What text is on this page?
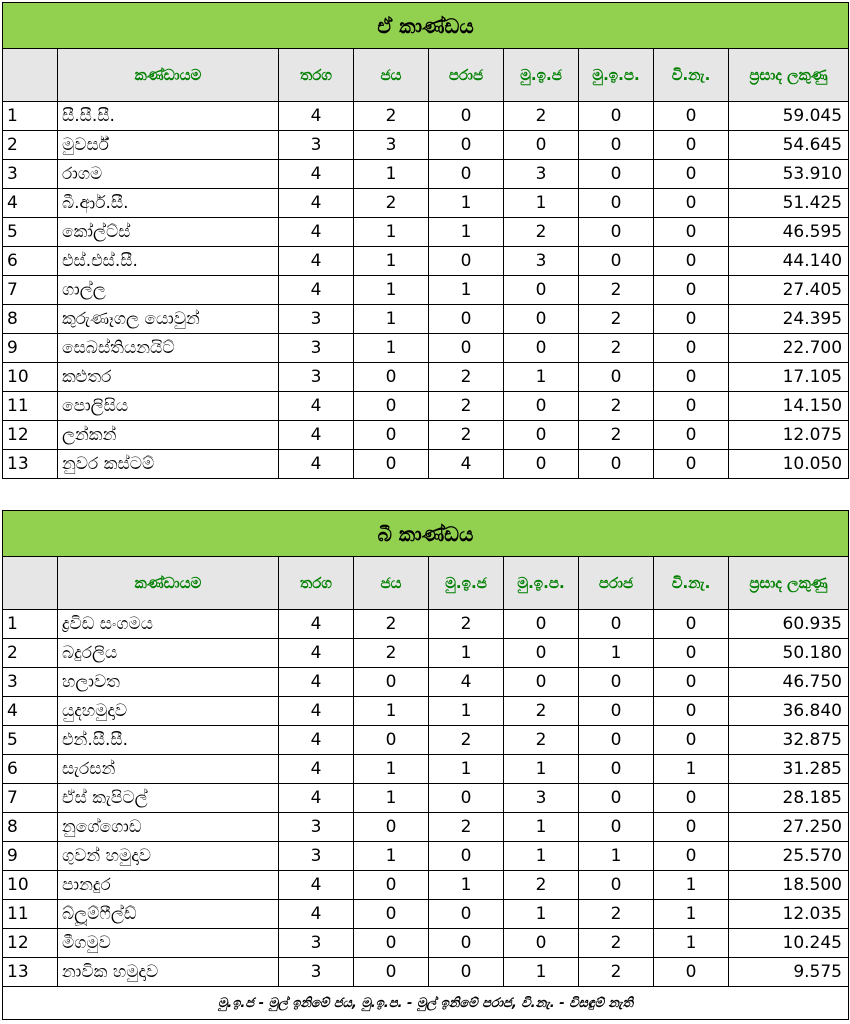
ඒ කාණ්ඩය								
	කණ්ඩායම	තරග	ජය	පරාජ	මු.ඉ.ජ	මු.ඉ.ප.	වි.නැ.	ප්‍රසාද ලකුණු
1	සී.සී.සී.	4	2	0	2	0	0	59.045
2	මුවර්ස්	3	3	0	0	0	0	54.645
3	රාගම	4	1	0	3	0	0	53.910
4	බී.ආර්.සී.	4	2	1	1	0	0	51.425
5	කෝල්ට්ස්	4	1	1	2	0	0	46.595
6	එස්.එස්.සී.	4	1	0	3	0	0	44.140
7	ගාල්ල	4	1	1	0	2	0	27.405
8	කුරුණෑගල යොවුන්	3	1	0	0	2	0	24.395
9	සෙබස්තියනයිට්	3	1	0	0	2	0	22.700
10	කළුතර	3	0	2	1	0	0	17.105
11	පොලිසිය	4	0	2	0	2	0	14.150
12	ලන්කන්	4	0	2	0	2	0	12.075
13	නුවර කස්ටම්	4	0	4	0	0	0	10.050
බී කාණ්ඩය								
	කණ්ඩායම	තරග	ජය	මු.ඉ.ජ	මු.ඉ.ප.	පරාජ	වි.නැ.	ප්‍රසාද ලකුණු
1	ද්‍රවිඩ සංගමය	4	2	2	0	0	0	60.935
2	බදුරලිය	4	2	1	0	1	0	50.180
3	හලාවත	4	0	4	0	0	0	46.750
4	යුදහමුදාව	4	1	1	2	0	0	36.840
5	එන්.සී.සී.	4	0	2	2	0	0	32.875
6	සැරසන්	4	1	1	1	0	1	31.285
7	ඒස් කැපිටල්	4	1	0	3	0	0	28.185
8	නුගේගොඩ	3	0	2	1	0	0	27.250
9	ගුවන් හමුදාව	3	1	0	1	1	0	25.570
10	පානදුර	4	0	1	2	0	1	18.500
11	බ්ලූම්ෆීල්ඩ්	4	0	0	1	2	1	12.035
12	මීගමුව	3	0	0	0	2	1	10.245
13	නාවික හමුදාව	3	0	0	1	2	0	9.575
මු.ඉ.ජ - මුල් ඉනිමේ ජය, මු.ඉ.ප. - මුල් ඉනිමේ පරාජ, වි.නැ. - විසඳුම් නැති								
